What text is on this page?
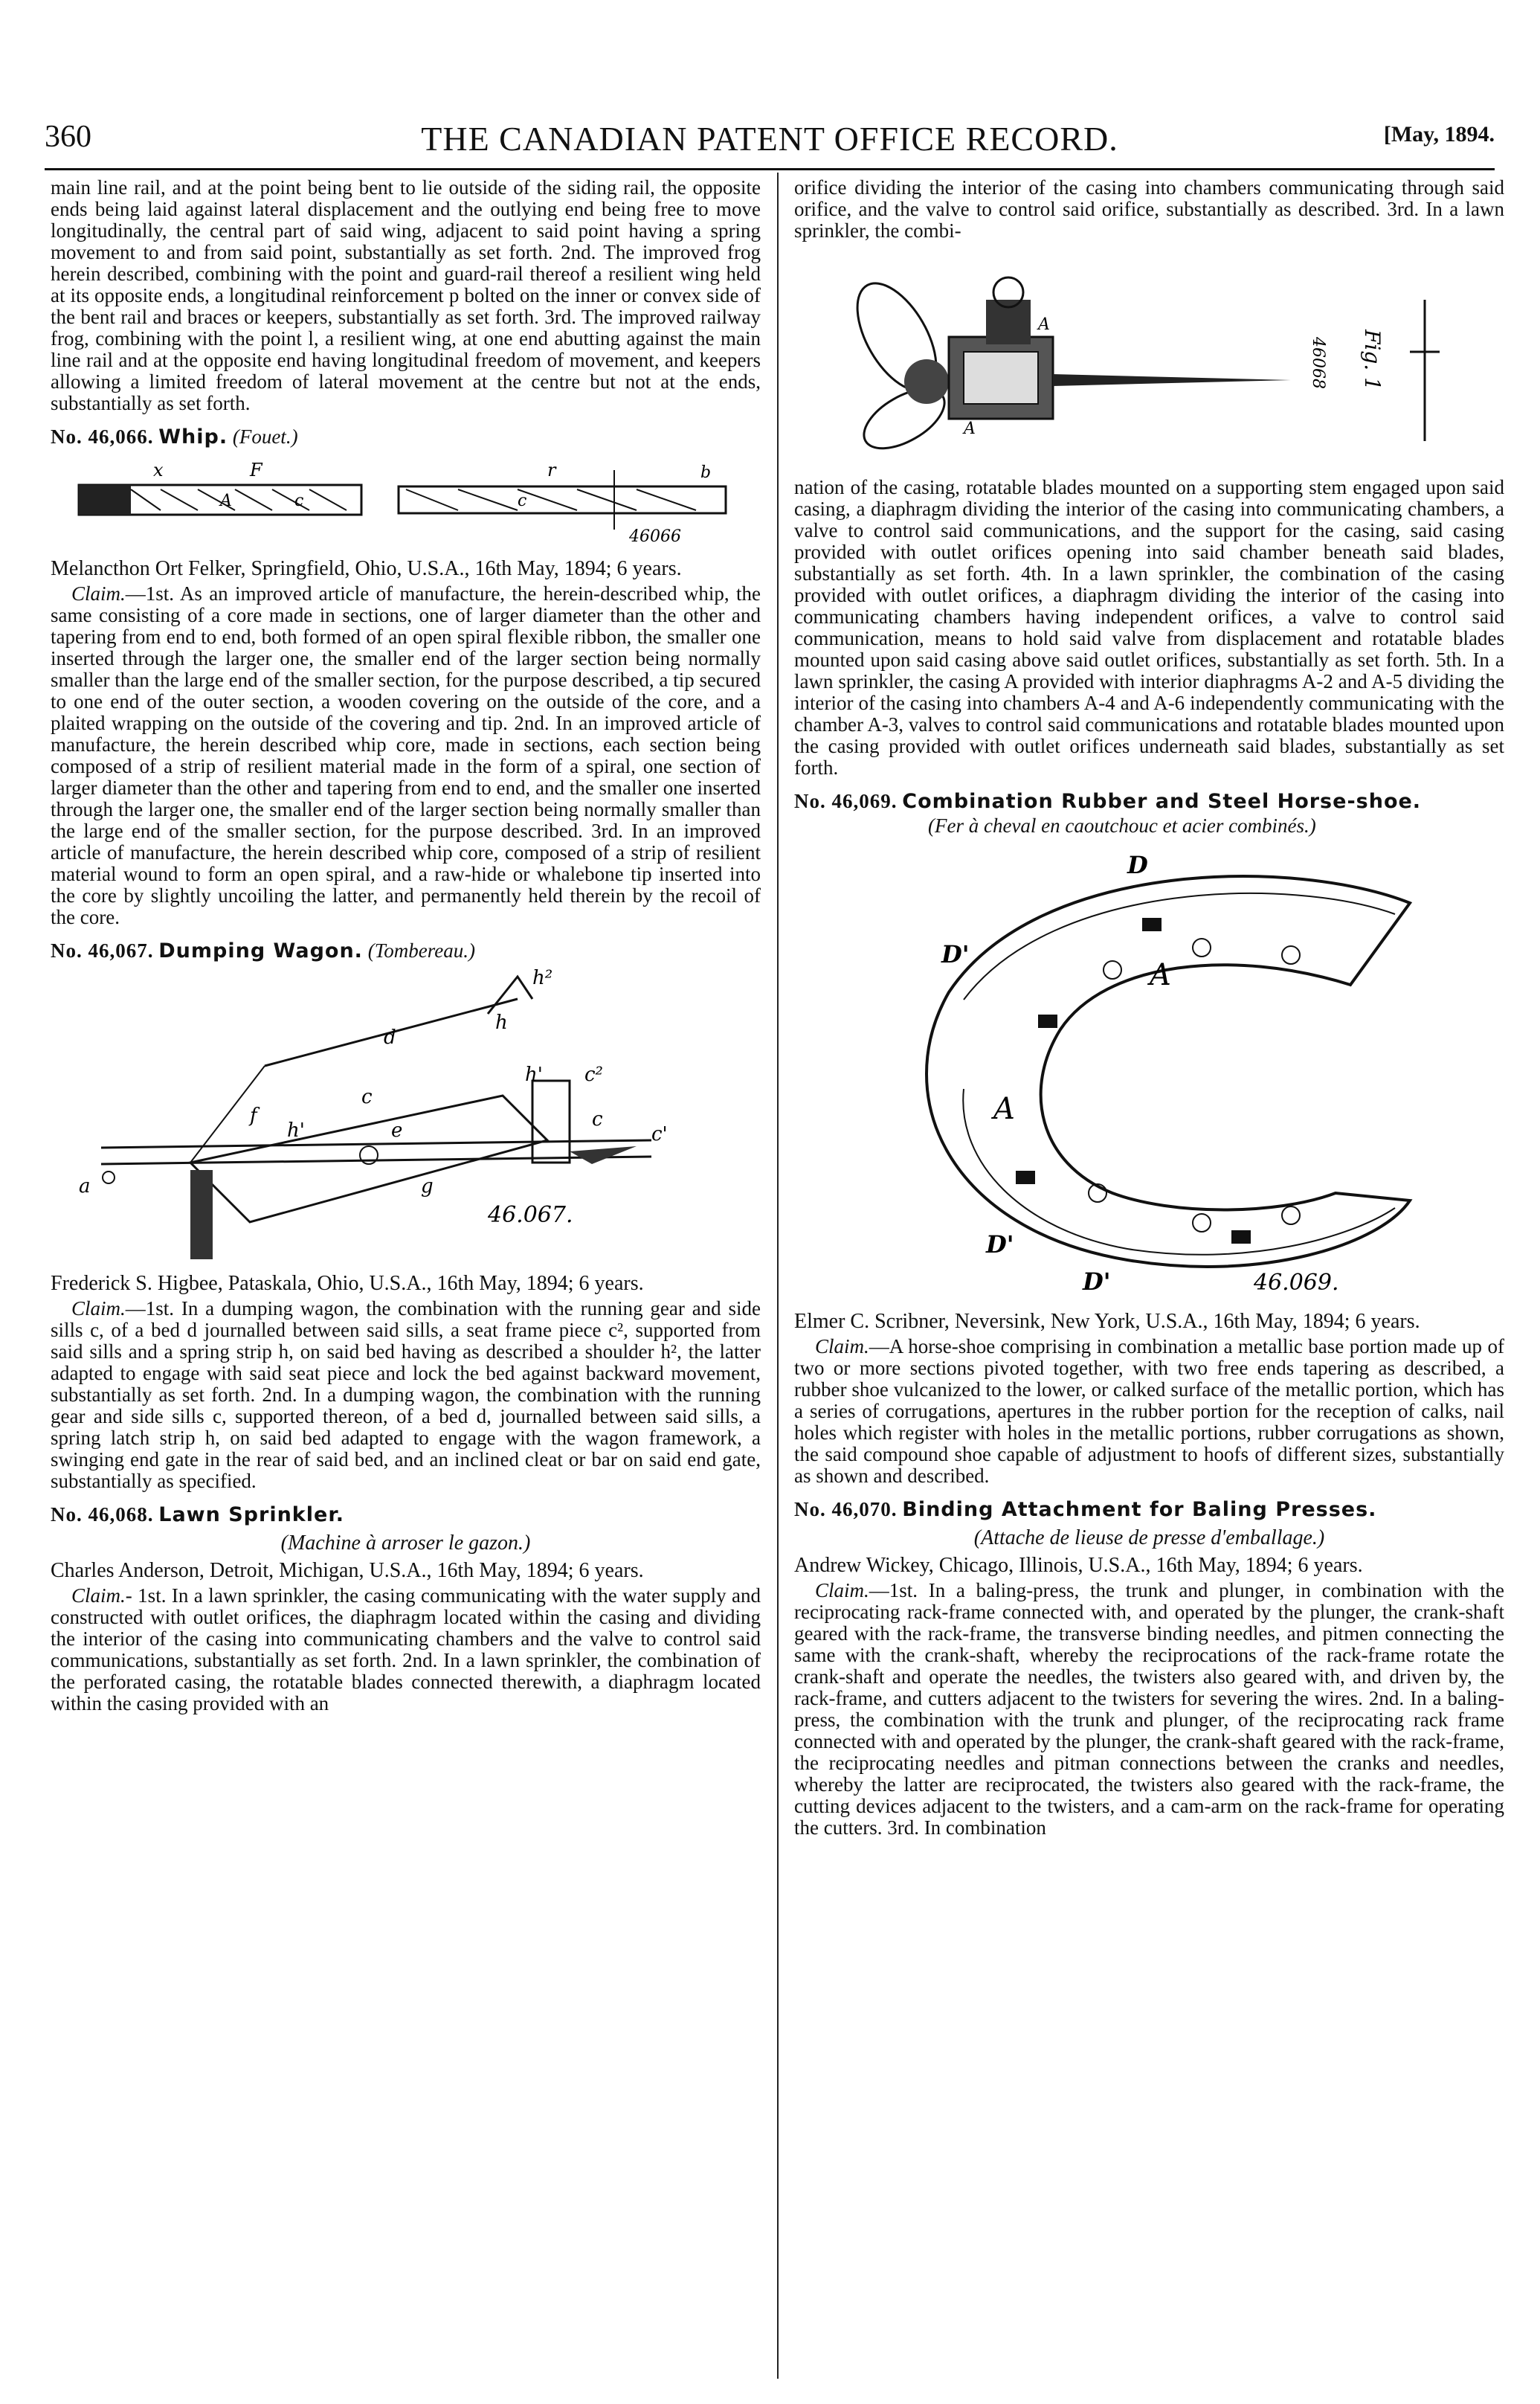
360	THE CANADIAN PATENT OFFICE RECORD.	[May, 1894.

main line rail, and at the point being bent to lie outside of the siding rail, the opposite ends being laid against lateral displacement and the outlying end being free to move longitudinally, the central part of said wing, adjacent to said point having a spring movement to and from said point, substantially as set forth. 2nd. The improved frog herein described, combining with the point and guard-rail thereof a resilient wing held at its opposite ends, a longitudinal reinforcement p bolted on the inner or convex side of the bent rail and braces or keepers, substantially as set forth. 3rd. The improved railway frog, combining with the point l, a resilient wing, at one end abutting against the main line rail and at the opposite end having longitudinal freedom of movement, and keepers allowing a limited freedom of lateral movement at the centre but not at the ends, substantially as set forth.

No. 46,066. Whip. (Fouet.)
x	F
A	c
r
c
b
46066

Melancthon Ort Felker, Springfield, Ohio, U.S.A., 16th May, 1894; 6 years.

Claim.—1st. As an improved article of manufacture, the herein-described whip, the same consisting of a core made in sections, one of larger diameter than the other and tapering from end to end, both formed of an open spiral flexible ribbon, the smaller one inserted through the larger one, the smaller end of the larger section being normally smaller than the large end of the smaller section, for the purpose described, a tip secured to one end of the outer section, a wooden covering on the outside of the core, and a plaited wrapping on the outside of the covering and tip. 2nd. In an improved article of manufacture, the herein described whip core, made in sections, each section being composed of a strip of resilient material made in the form of a spiral, one section of larger diameter than the other and tapering from end to end, and the smaller one inserted through the larger one, the smaller end of the larger section being normally smaller than the large end of the smaller section, for the purpose described. 3rd. In an improved article of manufacture, the herein described whip core, composed of a strip of resilient material wound to form an open spiral, and a raw-hide or whalebone tip inserted into the core by slightly uncoiling the latter, and permanently held therein by the recoil of the core.

No. 46,067. Dumping Wagon. (Tombereau.)
h²
h
d
h' c²
c
e
f
h'	c
c'
a	g
46.067.

Frederick S. Higbee, Pataskala, Ohio, U.S.A., 16th May, 1894; 6 years.

Claim.—1st. In a dumping wagon, the combination with the running gear and side sills c, of a bed d journalled between said sills, a seat frame piece c², supported from said sills and a spring strip h, on said bed having as described a shoulder h², the latter adapted to engage with said seat piece and lock the bed against backward movement, substantially as set forth. 2nd. In a dumping wagon, the combination with the running gear and side sills c, supported thereon, of a bed d, journalled between said sills, a spring latch strip h, on said bed adapted to engage with the wagon framework, a swinging end gate in the rear of said bed, and an inclined cleat or bar on said end gate, substantially as specified.

No. 46,068. Lawn Sprinkler.
(Machine à arroser le gazon.)

Charles Anderson, Detroit, Michigan, U.S.A., 16th May, 1894; 6 years.

Claim.- 1st. In a lawn sprinkler, the casing communicating with the water supply and constructed with outlet orifices, the diaphragm located within the casing and dividing the interior of the casing into communicating chambers and the valve to control said communications, substantially as set forth. 2nd. In a lawn sprinkler, the combination of the perforated casing, the rotatable blades connected therewith, a diaphragm located within the casing provided with an

orifice dividing the interior of the casing into chambers communicating through said orifice, and the valve to control said orifice, substantially as described. 3rd. In a lawn sprinkler, the combi-

46068 Fig. 1
A
A

nation of the casing, rotatable blades mounted on a supporting stem engaged upon said casing, a diaphragm dividing the interior of the casing into communicating chambers, a valve to control said communications, and the support for the casing, said casing provided with outlet orifices opening into said chamber beneath said blades, substantially as set forth. 4th. In a lawn sprinkler, the combination of the casing provided with outlet orifices, a diaphragm dividing the interior of the casing into communicating chambers having independent orifices, a valve to control said communication, means to hold said valve from displacement and rotatable blades mounted upon said casing above said outlet orifices, substantially as set forth. 5th. In a lawn sprinkler, the casing A provided with interior diaphragms A-2 and A-5 dividing the interior of the casing into chambers A-4 and A-6 independently communicating with the chamber A-3, valves to control said communications and rotatable blades mounted upon the casing provided with outlet orifices underneath said blades, substantially as set forth.

No. 46,069. Combination Rubber and Steel Horse-shoe.
(Fer à cheval en caoutchouc et acier combinés.)
D
D'
A
A
D'
D'	46.069.

Elmer C. Scribner, Neversink, New York, U.S.A., 16th May, 1894; 6 years.

Claim.—A horse-shoe comprising in combination a metallic base portion made up of two or more sections pivoted together, with two free ends tapering as described, a rubber shoe vulcanized to the lower, or calked surface of the metallic portion, which has a series of corrugations, apertures in the rubber portion for the reception of calks, nail holes which register with holes in the metallic portions, rubber corrugations as shown, the said compound shoe capable of adjustment to hoofs of different sizes, substantially as shown and described.

No. 46,070. Binding Attachment for Baling Presses.
(Attache de lieuse de presse d'emballage.)

Andrew Wickey, Chicago, Illinois, U.S.A., 16th May, 1894; 6 years.

Claim.—1st. In a baling-press, the trunk and plunger, in combination with the reciprocating rack-frame connected with, and operated by the plunger, the crank-shaft geared with the rack-frame, the transverse binding needles, and pitmen connecting the same with the crank-shaft, whereby the reciprocations of the rack-frame rotate the crank-shaft and operate the needles, the twisters also geared with, and driven by, the rack-frame, and cutters adjacent to the twisters for severing the wires. 2nd. In a baling-press, the combination with the trunk and plunger, of the reciprocating rack frame connected with and operated by the plunger, the crank-shaft geared with the rack-frame, the reciprocating needles and pitman connections between the cranks and needles, whereby the latter are reciprocated, the twisters also geared with the rack-frame, the cutting devices adjacent to the twisters, and a cam-arm on the rack-frame for operating the cutters. 3rd. In combination
